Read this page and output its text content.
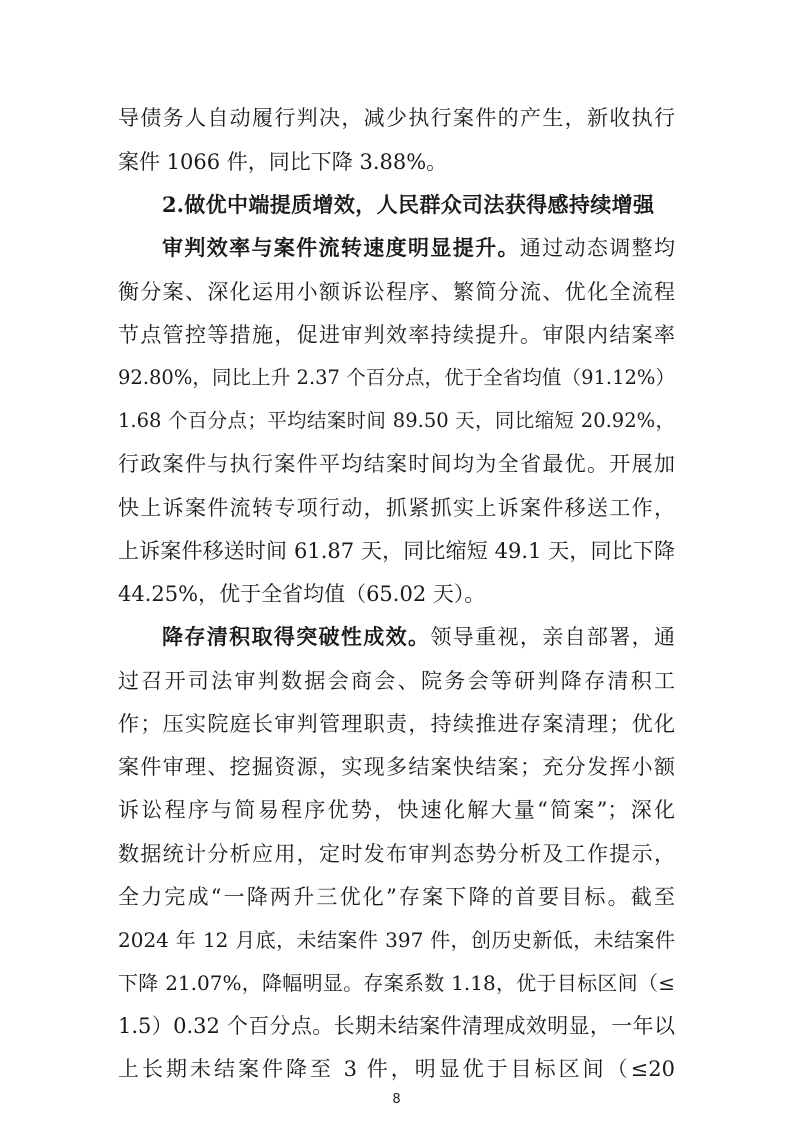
导债务人自动履行判决，减少执行案件的产生，新收执行
案件 1066 件，同比下降 3.88%。
2.做优中端提质增效，人民群众司法获得感持续增强
审判效率与案件流转速度明显提升。通过动态调整均
衡分案、深化运用小额诉讼程序、繁简分流、优化全流程
节点管控等措施，促进审判效率持续提升。审限内结案率
92.80%，同比上升 2.37 个百分点，优于全省均值（91.12%）
1.68 个百分点；平均结案时间 89.50 天，同比缩短 20.92%，
行政案件与执行案件平均结案时间均为全省最优。开展加
快上诉案件流转专项行动，抓紧抓实上诉案件移送工作，
上诉案件移送时间 61.87 天，同比缩短 49.1 天，同比下降
44.25%，优于全省均值（65.02 天）。
降存清积取得突破性成效。领导重视，亲自部署，通
过召开司法审判数据会商会、院务会等研判降存清积工
作；压实院庭长审判管理职责，持续推进存案清理；优化
案件审理、挖掘资源，实现多结案快结案；充分发挥小额
诉讼程序与简易程序优势，快速化解大量“简案”；深化
数据统计分析应用，定时发布审判态势分析及工作提示，
全力完成“一降两升三优化”存案下降的首要目标。截至
2024 年 12 月底，未结案件 397 件，创历史新低，未结案件
下降 21.07%，降幅明显。存案系数 1.18，优于目标区间（≤
1.5）0.32 个百分点。长期未结案件清理成效明显，一年以
上长期未结案件降至 3 件，明显优于目标区间（≤20
8
